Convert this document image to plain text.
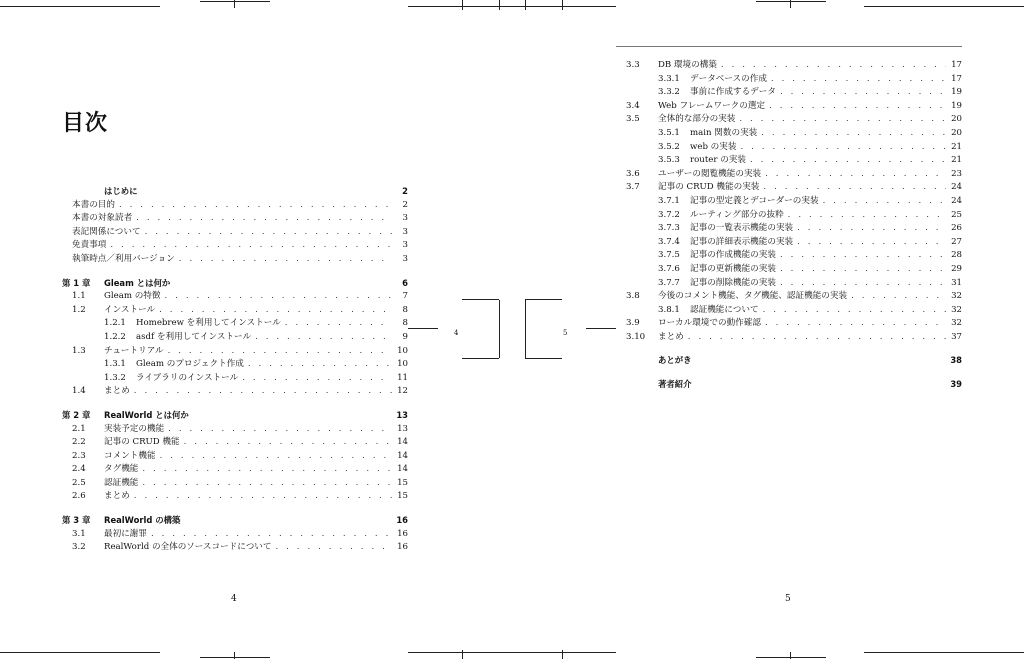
目次
はじめに	2
本書の目的 . . .	2
本書の対象読者 . . .	3
表記関係について . . .	3
免責事項 . . .	3
執筆時点／利用バージョン . . .	3
第 1 章	Gleam とは何か	6
1.1	Gleam の特徴 . . .	7
1.2	インストール . . .	8
1.2.1	Homebrew を利用してインストール . . .	8
1.2.2	asdf を利用してインストール . . .	9
1.3	チュートリアル . . .	10
1.3.1	Gleam のプロジェクト作成 . . .	10
1.3.2	ライブラリのインストール . . .	11
1.4	まとめ . . .	12
第 2 章	RealWorld とは何か	13
2.1	実装予定の機能 . . .	13
2.2	記事の CRUD 機能 . . .	14
2.3	コメント機能 . . .	14
2.4	タグ機能 . . .	14
2.5	認証機能 . . .	15
2.6	まとめ . . .	15
第 3 章	RealWorld の構築	16
3.1	最初に謝罪 . . .	16
3.2	RealWorld の全体のソースコードについて . . .	16
4
4
3.3	DB 環境の構築 . . .	17
3.3.1	データベースの作成 . . .	17
3.3.2	事前に作成するデータ . . .	19
3.4	Web フレームワークの選定 . . .	19
3.5	全体的な部分の実装 . . .	20
3.5.1	main 関数の実装 . . .	20
3.5.2	web の実装 . . .	21
3.5.3	router の実装 . . .	21
3.6	ユーザーの閲覧機能の実装 . . .	23
3.7	記事の CRUD 機能の実装 . . .	24
3.7.1	記事の型定義とデコーダーの実装 . . .	24
3.7.2	ルーティング部分の抜粋 . . .	25
3.7.3	記事の一覧表示機能の実装 . . .	26
3.7.4	記事の詳細表示機能の実装 . . .	27
3.7.5	記事の作成機能の実装 . . .	28
3.7.6	記事の更新機能の実装 . . .	29
3.7.7	記事の削除機能の実装 . . .	31
3.8	今後のコメント機能、タグ機能、認証機能の実装 . . .	32
3.8.1	認証機能について . . .	32
3.9	ローカル環境での動作確認 . . .	32
3.10	まとめ . . .	37
あとがき	38
著者紹介	39
5
5
